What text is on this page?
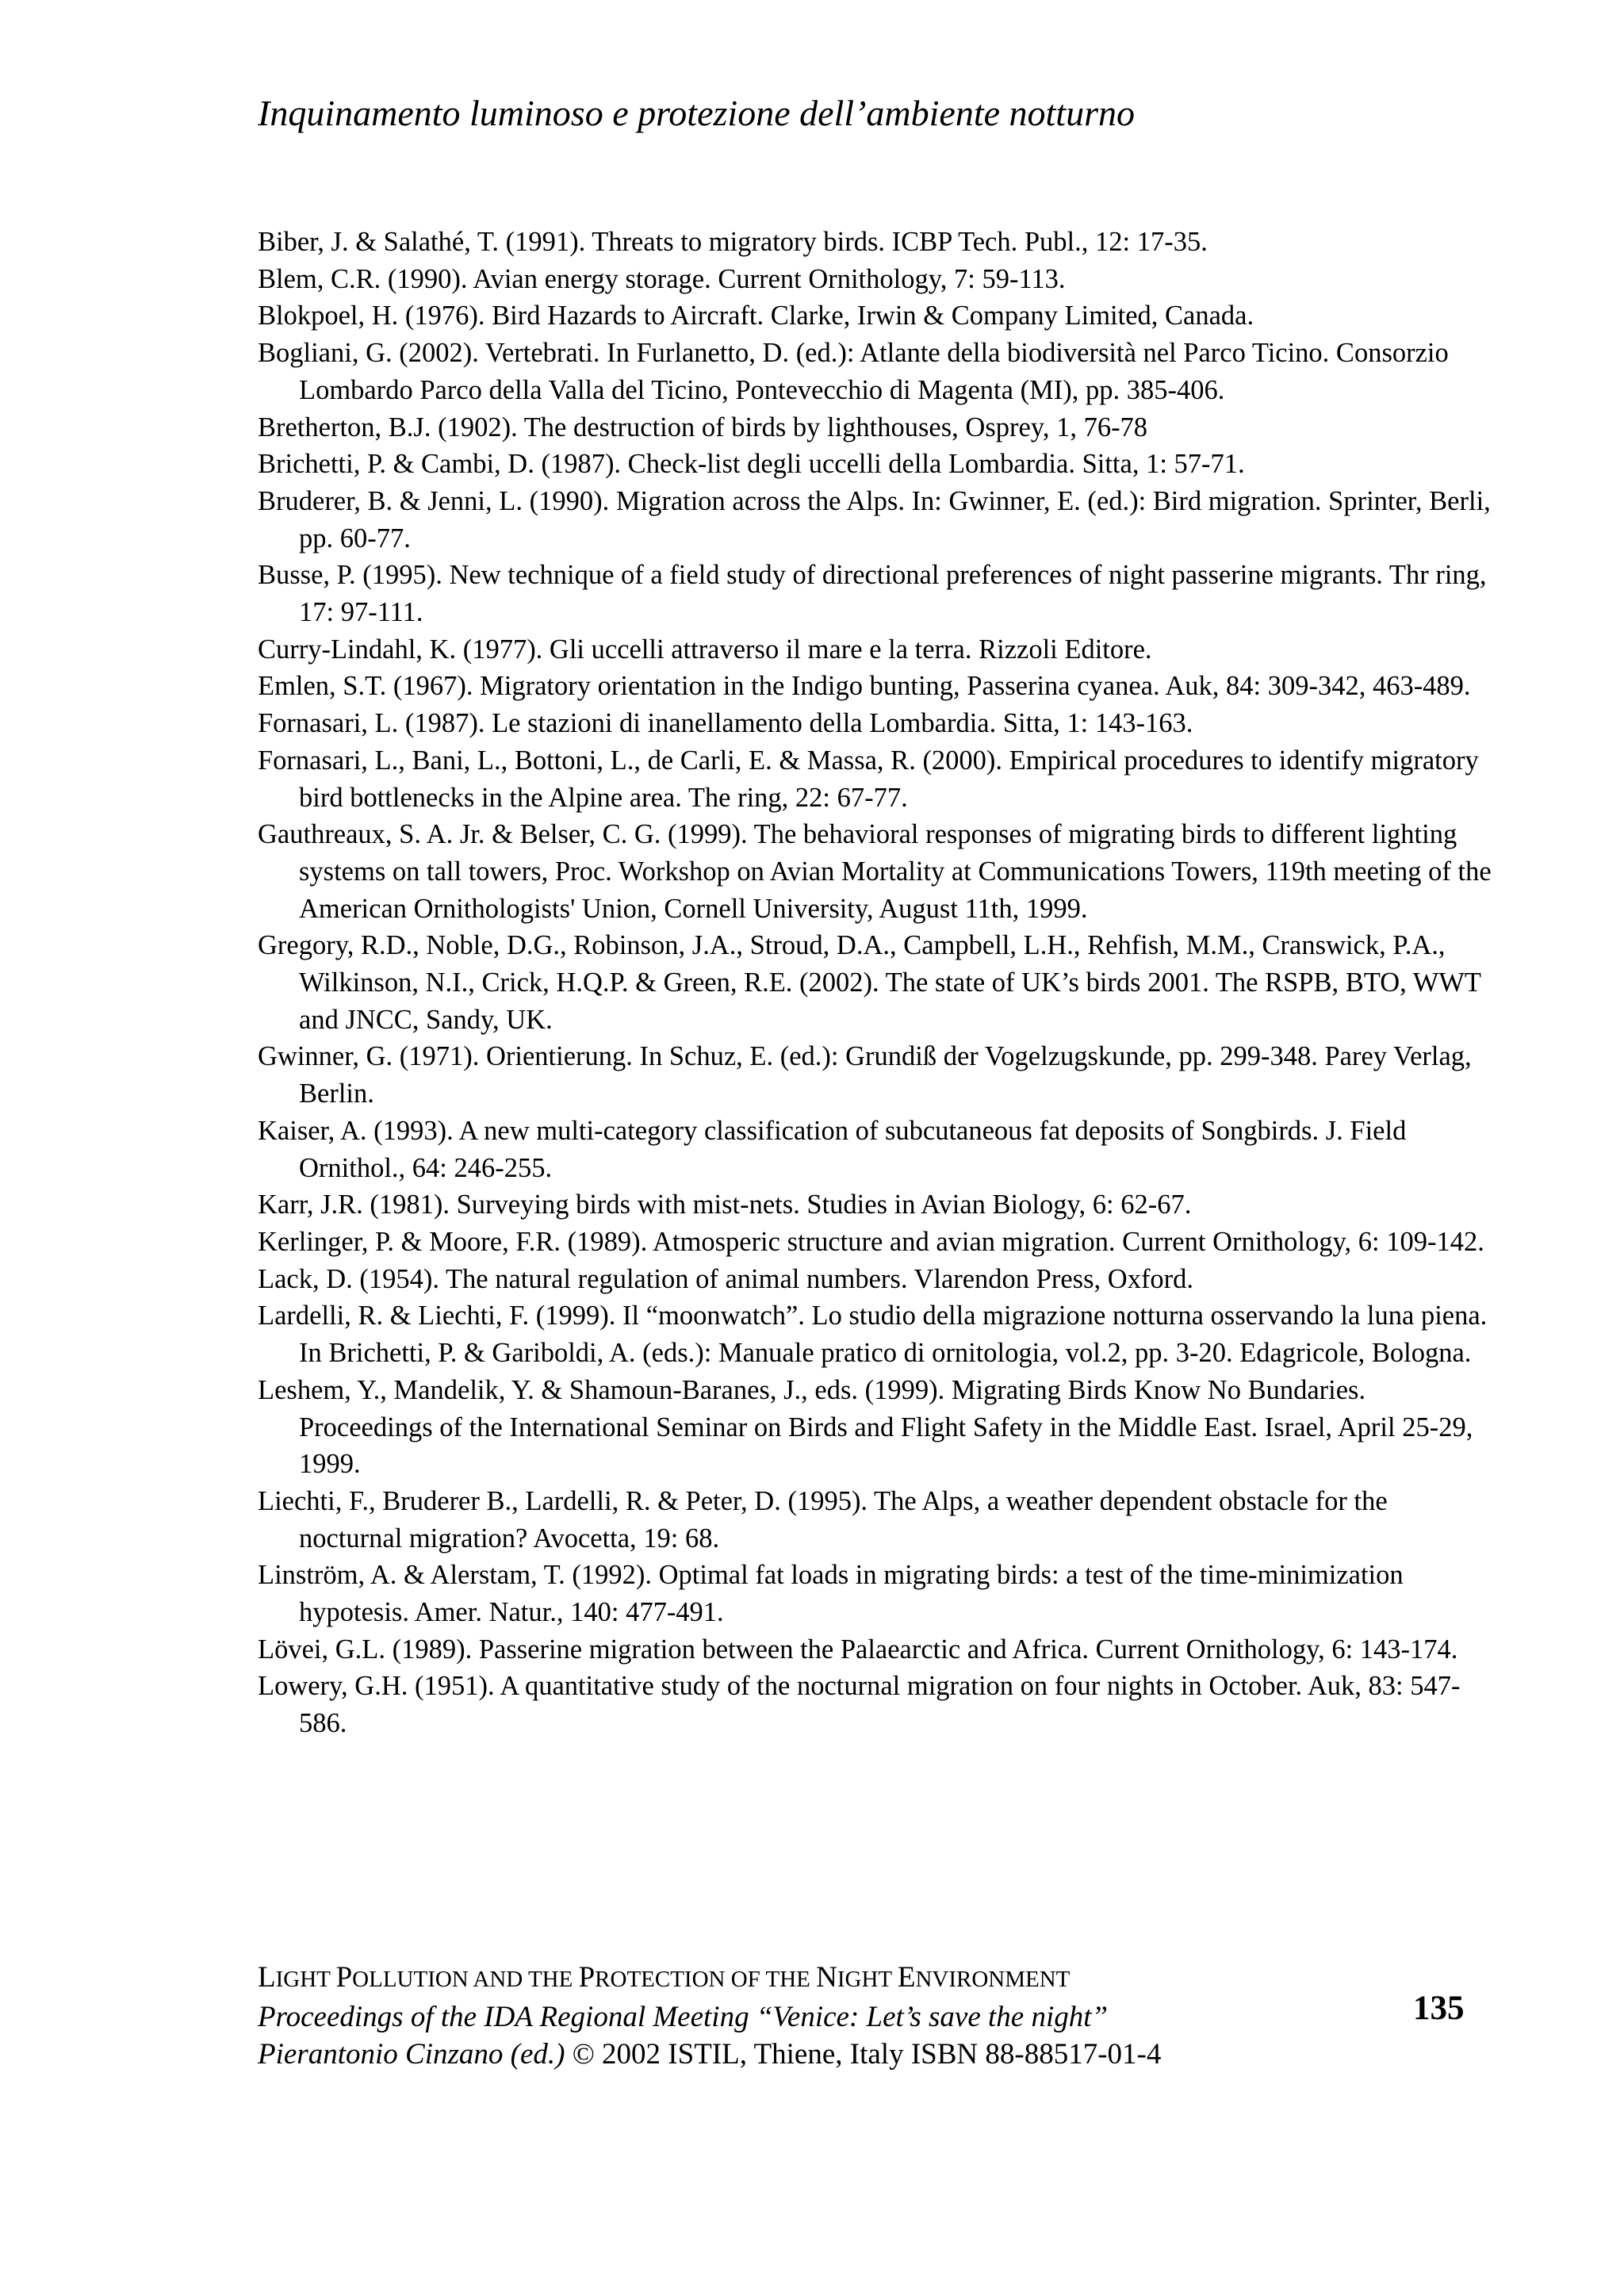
Inquinamento luminoso e protezione dell’ambiente notturno
Biber, J. & Salathé, T. (1991). Threats to migratory birds. ICBP Tech. Publ., 12: 17-35.
Blem, C.R. (1990). Avian energy storage. Current Ornithology, 7: 59-113.
Blokpoel, H. (1976). Bird Hazards to Aircraft. Clarke, Irwin & Company Limited, Canada.
Bogliani, G. (2002). Vertebrati. In Furlanetto, D. (ed.): Atlante della biodiversità nel Parco Ticino. Consorzio Lombardo Parco della Valla del Ticino, Pontevecchio di Magenta (MI), pp. 385-406.
Bretherton, B.J. (1902). The destruction of birds by lighthouses, Osprey, 1, 76-78
Brichetti, P. & Cambi, D. (1987). Check-list degli uccelli della Lombardia. Sitta, 1: 57-71.
Bruderer, B. & Jenni, L. (1990). Migration across the Alps. In: Gwinner, E. (ed.): Bird migration. Sprinter, Berli, pp. 60-77.
Busse, P. (1995). New technique of a field study of directional preferences of night passerine migrants. Thr ring, 17: 97-111.
Curry-Lindahl, K. (1977). Gli uccelli attraverso il mare e la terra. Rizzoli Editore.
Emlen, S.T. (1967). Migratory orientation in the Indigo bunting, Passerina cyanea. Auk, 84: 309-342, 463-489.
Fornasari, L. (1987). Le stazioni di inanellamento della Lombardia. Sitta, 1: 143-163.
Fornasari, L., Bani, L., Bottoni, L., de Carli, E. & Massa, R. (2000). Empirical procedures to identify migratory bird bottlenecks in the Alpine area. The ring, 22: 67-77.
Gauthreaux, S. A. Jr. & Belser, C. G. (1999). The behavioral responses of migrating birds to different lighting systems on tall towers, Proc. Workshop on Avian Mortality at Communications Towers, 119th meeting of the American Ornithologists' Union, Cornell University, August 11th, 1999.
Gregory, R.D., Noble, D.G., Robinson, J.A., Stroud, D.A., Campbell, L.H., Rehfish, M.M., Cranswick, P.A., Wilkinson, N.I., Crick, H.Q.P. & Green, R.E. (2002). The state of UK’s birds 2001. The RSPB, BTO, WWT and JNCC, Sandy, UK.
Gwinner, G. (1971). Orientierung. In Schuz, E. (ed.): Grundiß der Vogelzugskunde, pp. 299-348. Parey Verlag, Berlin.
Kaiser, A. (1993). A new multi-category classification of subcutaneous fat deposits of Songbirds. J. Field Ornithol., 64: 246-255.
Karr, J.R. (1981). Surveying birds with mist-nets. Studies in Avian Biology, 6: 62-67.
Kerlinger, P. & Moore, F.R. (1989). Atmosperic structure and avian migration. Current Ornithology, 6: 109-142.
Lack, D. (1954). The natural regulation of animal numbers. Vlarendon Press, Oxford.
Lardelli, R. & Liechti, F. (1999). Il “moonwatch”. Lo studio della migrazione notturna osservando la luna piena. In Brichetti, P. & Gariboldi, A. (eds.): Manuale pratico di ornitologia, vol.2, pp. 3-20. Edagricole, Bologna.
Leshem, Y., Mandelik, Y. & Shamoun-Baranes, J., eds. (1999). Migrating Birds Know No Bundaries. Proceedings of the International Seminar on Birds and Flight Safety in the Middle East. Israel, April 25-29, 1999.
Liechti, F., Bruderer B., Lardelli, R. & Peter, D. (1995). The Alps, a weather dependent obstacle for the nocturnal migration? Avocetta, 19: 68.
Linström, A. & Alerstam, T. (1992). Optimal fat loads in migrating birds: a test of the time-minimization hypotesis. Amer. Natur., 140: 477-491.
Lövei, G.L. (1989). Passerine migration between the Palaearctic and Africa. Current Ornithology, 6: 143-174.
Lowery, G.H. (1951). A quantitative study of the nocturnal migration on four nights in October. Auk, 83: 547-586.
LIGHT POLLUTION AND THE PROTECTION OF THE NIGHT ENVIRONMENT
Proceedings of the IDA Regional Meeting “Venice: Let’s save the night”
Pierantonio Cinzano (ed.) © 2002 ISTIL, Thiene, Italy ISBN 88-88517-01-4
135
